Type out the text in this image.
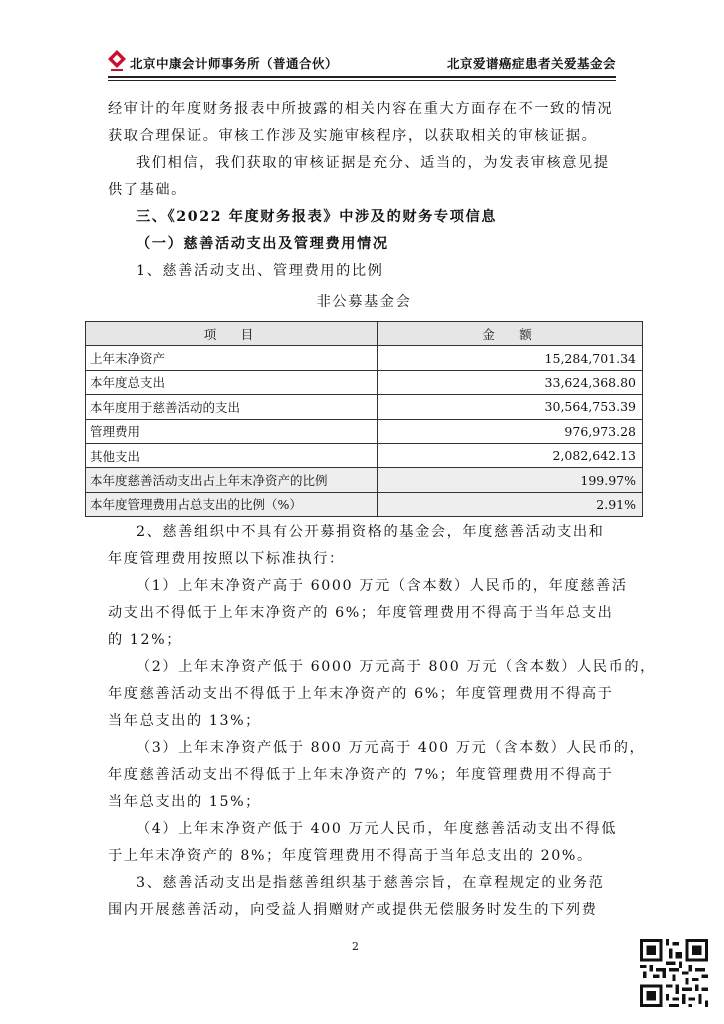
北京中康会计师事务所（普通合伙）	北京爱谱癌症患者关爱基金会
经审计的年度财务报表中所披露的相关内容在重大方面存在不一致的情况
获取合理保证。审核工作涉及实施审核程序，以获取相关的审核证据。
我们相信，我们获取的审核证据是充分、适当的，为发表审核意见提
供了基础。
三、《2022 年度财务报表》中涉及的财务专项信息
（一）慈善活动支出及管理费用情况
1、慈善活动支出、管理费用的比例
非公募基金会
项　目	金　额
上年末净资产	15,284,701.34
本年度总支出	33,624,368.80
本年度用于慈善活动的支出	30,564,753.39
管理费用	976,973.28
其他支出	2,082,642.13
本年度慈善活动支出占上年末净资产的比例	199.97%
本年度管理费用占总支出的比例（%）	2.91%
2、慈善组织中不具有公开募捐资格的基金会，年度慈善活动支出和
年度管理费用按照以下标准执行：
（1）上年末净资产高于 6000 万元（含本数）人民币的，年度慈善活
动支出不得低于上年末净资产的 6%；年度管理费用不得高于当年总支出
的 12%；
（2）上年末净资产低于 6000 万元高于 800 万元（含本数）人民币的，
年度慈善活动支出不得低于上年末净资产的 6%；年度管理费用不得高于
当年总支出的 13%；
（3）上年末净资产低于 800 万元高于 400 万元（含本数）人民币的，
年度慈善活动支出不得低于上年末净资产的 7%；年度管理费用不得高于
当年总支出的 15%；
（4）上年末净资产低于 400 万元人民币，年度慈善活动支出不得低
于上年末净资产的 8%；年度管理费用不得高于当年总支出的 20%。
3、慈善活动支出是指慈善组织基于慈善宗旨，在章程规定的业务范
围内开展慈善活动，向受益人捐赠财产或提供无偿服务时发生的下列费
2
